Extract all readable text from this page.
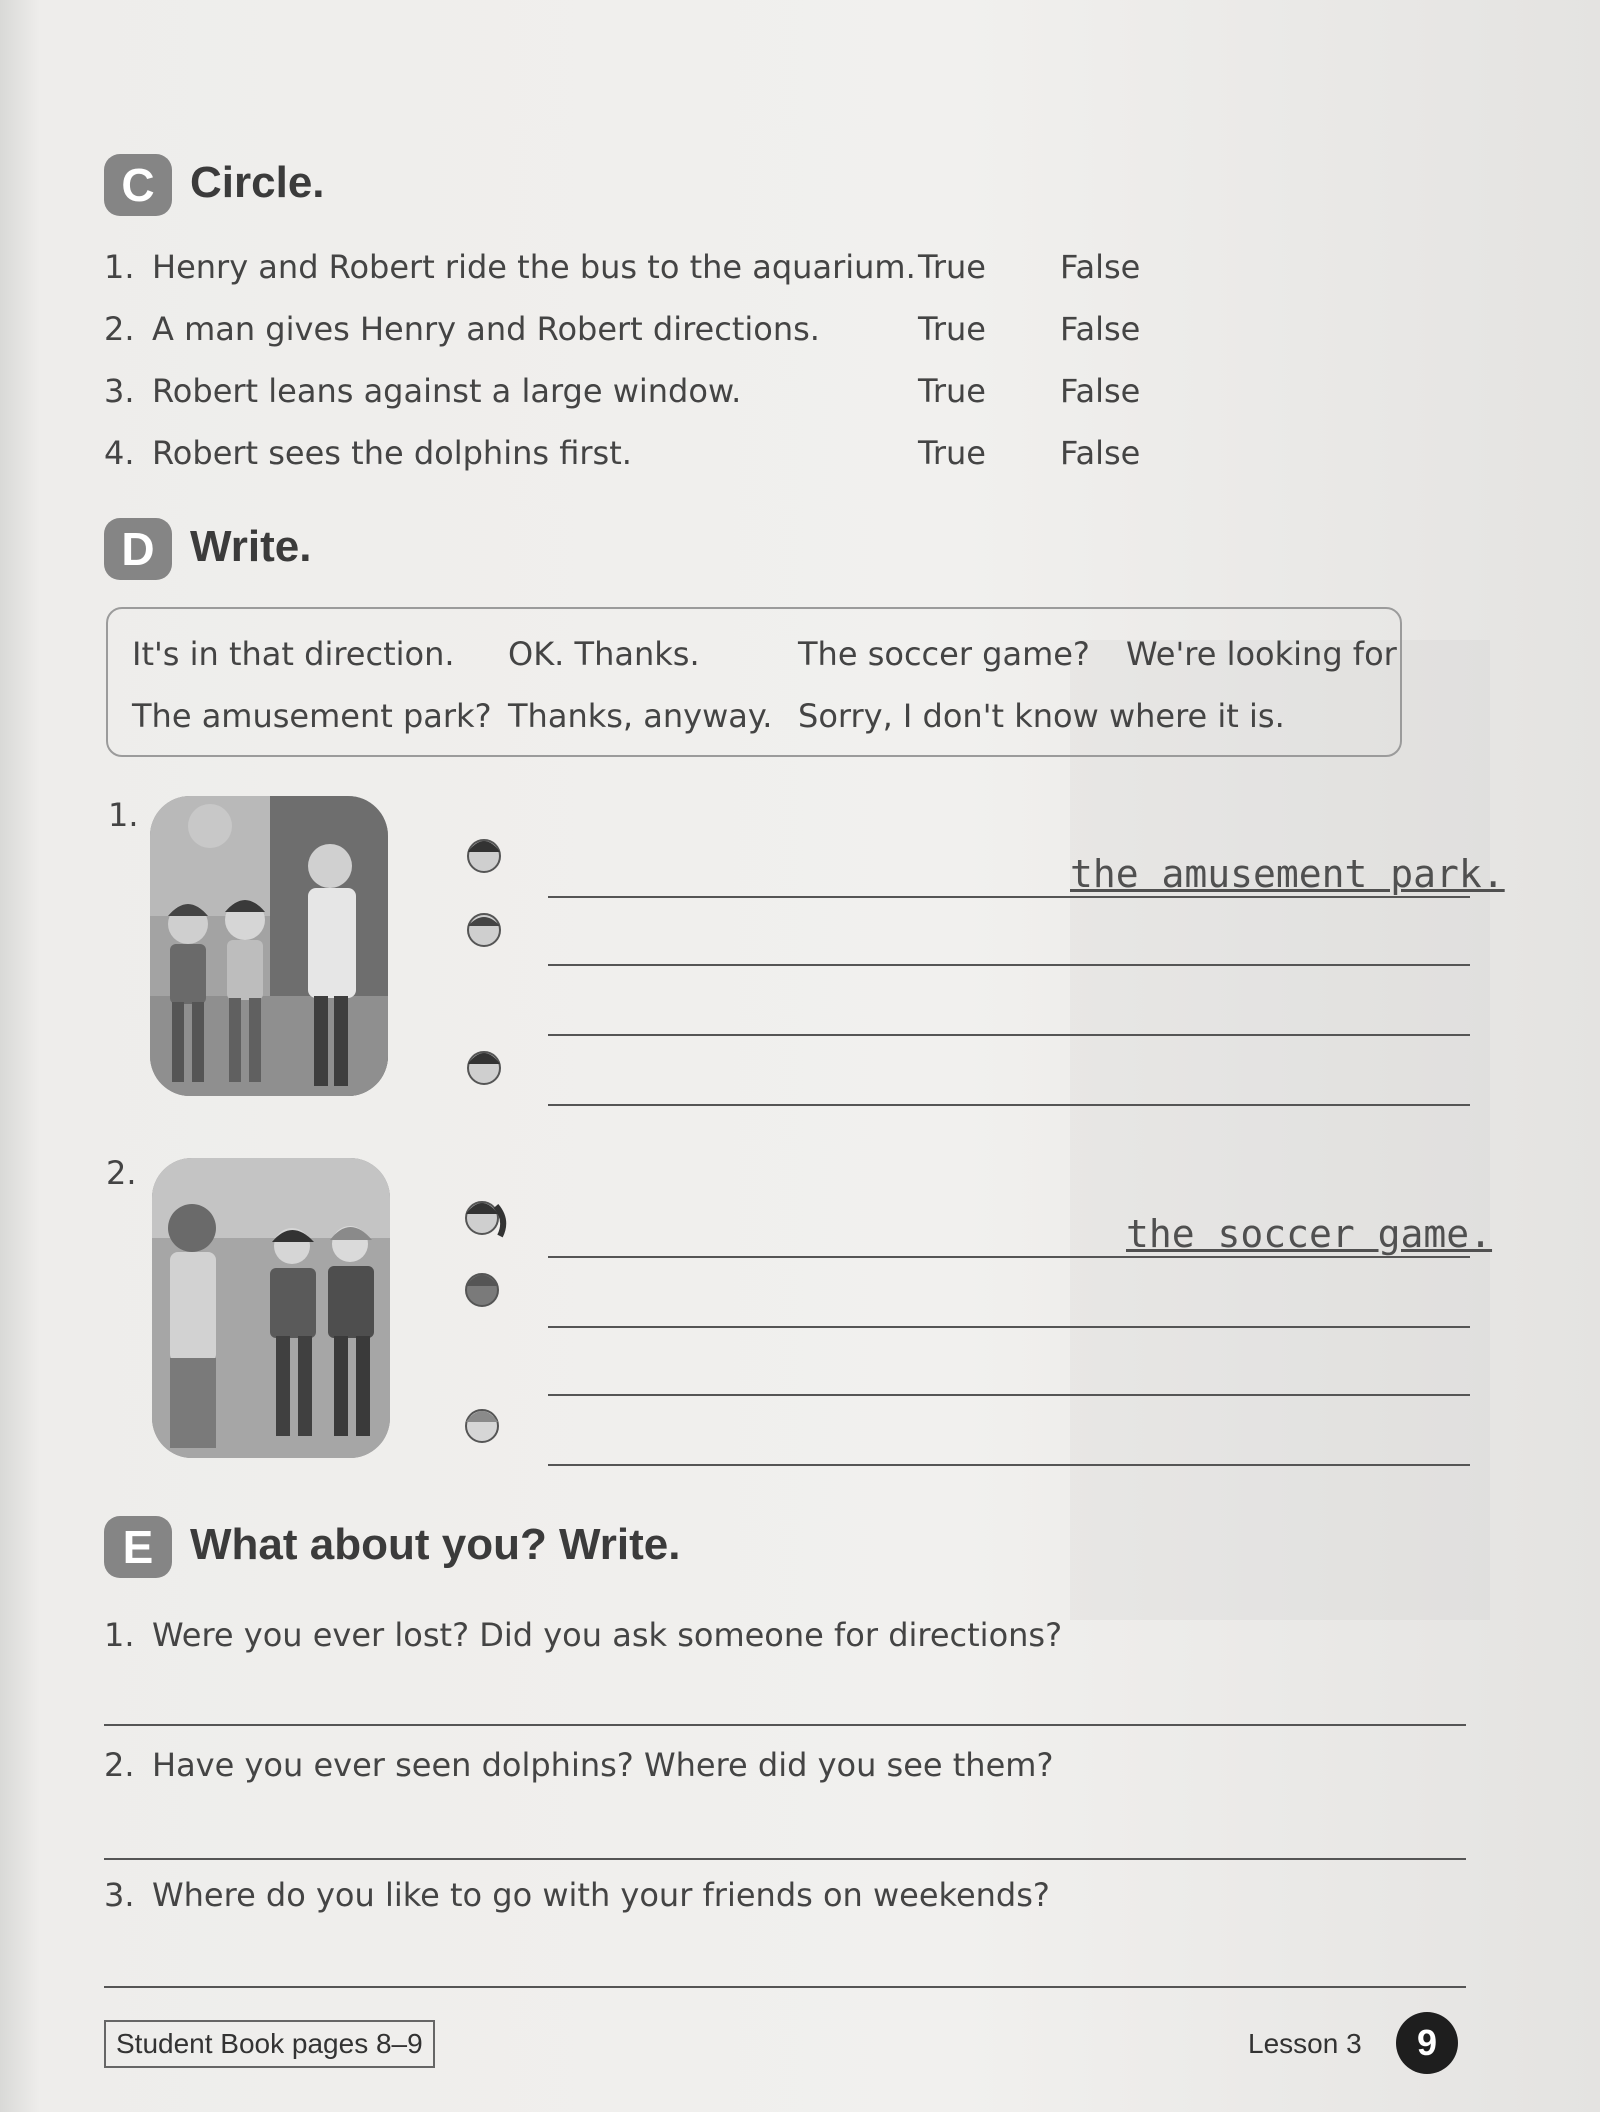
C Circle.
1. Henry and Robert ride the bus to the aquarium. True False
2. A man gives Henry and Robert directions.	True False
3. Robert leans against a large window.	True False
4. Robert sees the dolphins first.	True False
D Write.
It's in that direction. OK. Thanks.	The soccer game? We're looking for
The amusement park? Thanks, anyway. Sorry, I don't know where it is.
1.
the amusement park.
2.
the soccer game.
E What about you? Write.
1. Were you ever lost? Did you ask someone for directions?
2. Have you ever seen dolphins? Where did you see them?
3. Where do you like to go with your friends on weekends?
Student Book pages 8–9	Lesson 3	9
